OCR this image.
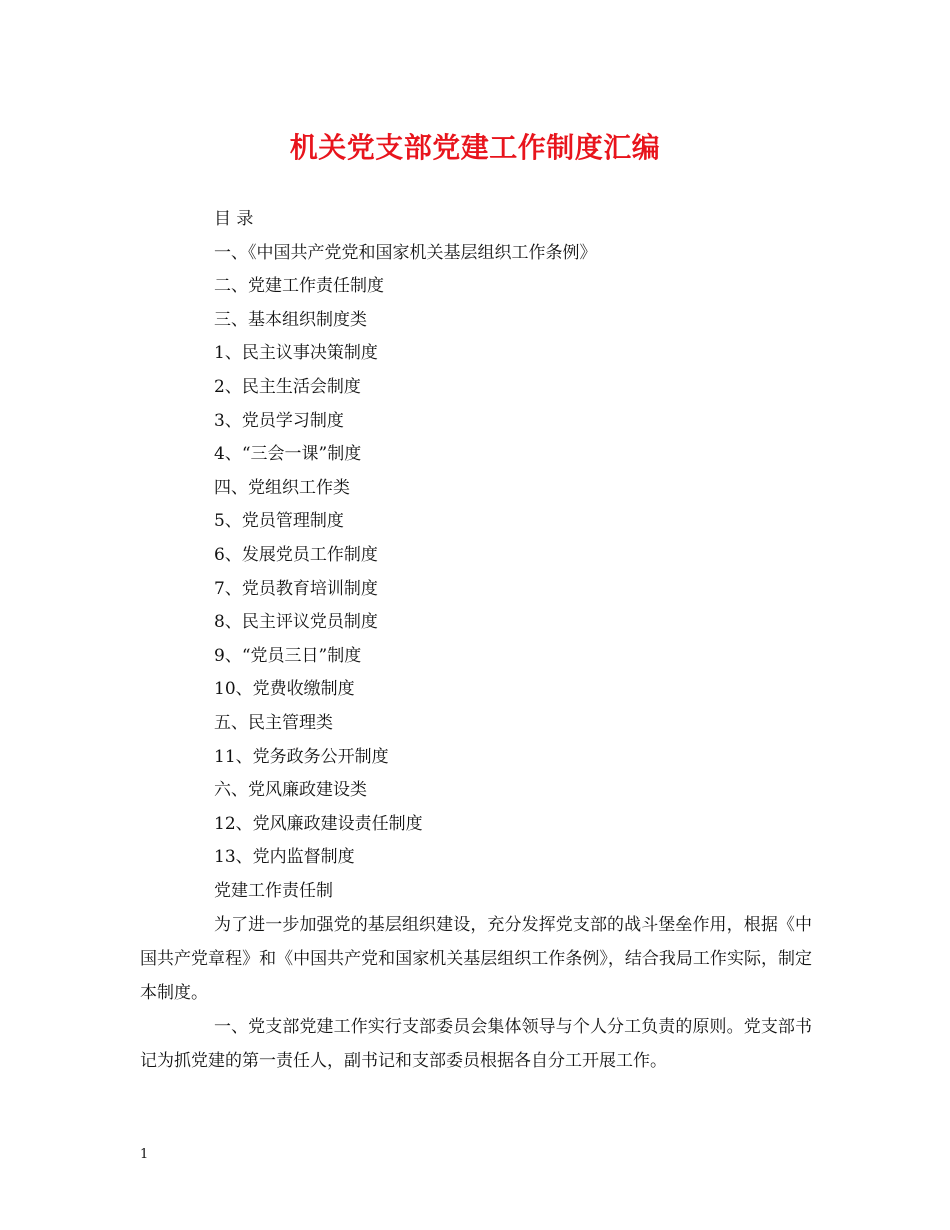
机关党支部党建工作制度汇编
目 录
一、《中国共产党党和国家机关基层组织工作条例》
二、党建工作责任制度
三、基本组织制度类
1、民主议事决策制度
2、民主生活会制度
3、党员学习制度
4、“三会一课”制度
四、党组织工作类
5、党员管理制度
6、发展党员工作制度
7、党员教育培训制度
8、民主评议党员制度
9、“党员三日”制度
10、党费收缴制度
五、民主管理类
11、党务政务公开制度
六、党风廉政建设类
12、党风廉政建设责任制度
13、党内监督制度

党建工作责任制

为了进一步加强党的基层组织建设，充分发挥党支部的战斗堡垒作用，根据《中国共产党章程》和《中国共产党和国家机关基层组织工作条例》，结合我局工作实际，制定本制度。

一、党支部党建工作实行支部委员会集体领导与个人分工负责的原则。党支部书记为抓党建的第一责任人，副书记和支部委员根据各自分工开展工作。

1
